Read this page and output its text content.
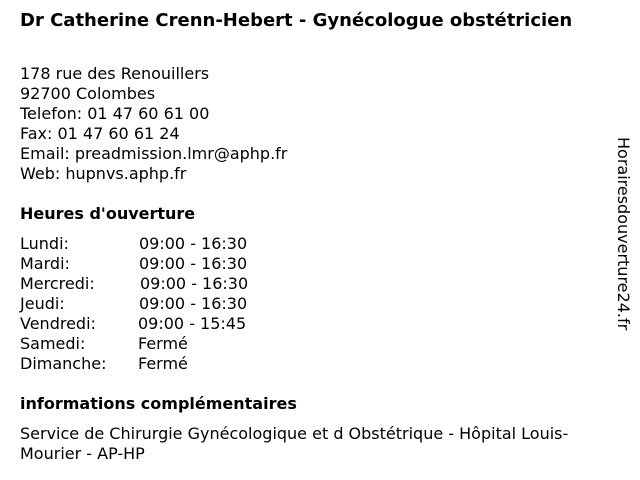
Dr Catherine Crenn-Hebert - Gynécologue obstétricien
178 rue des Renouillers
92700 Colombes
Telefon: 01 47 60 61 00
Fax: 01 47 60 61 24
Email: preadmission.lmr@aphp.fr
Web: hupnvs.aphp.fr
Heures d'ouverture
Lundi:	09:00 - 16:30
Mardi:	09:00 - 16:30
Mercredi:	09:00 - 16:30
Jeudi:	09:00 - 16:30
Vendredi:	09:00 - 15:45
Samedi:	Fermé
Dimanche: Fermé
informations complémentaires
Service de Chirurgie Gynécologique et d Obstétrique - Hôpital Louis-Mourier - AP-HP
Horairesdouverture24.fr
